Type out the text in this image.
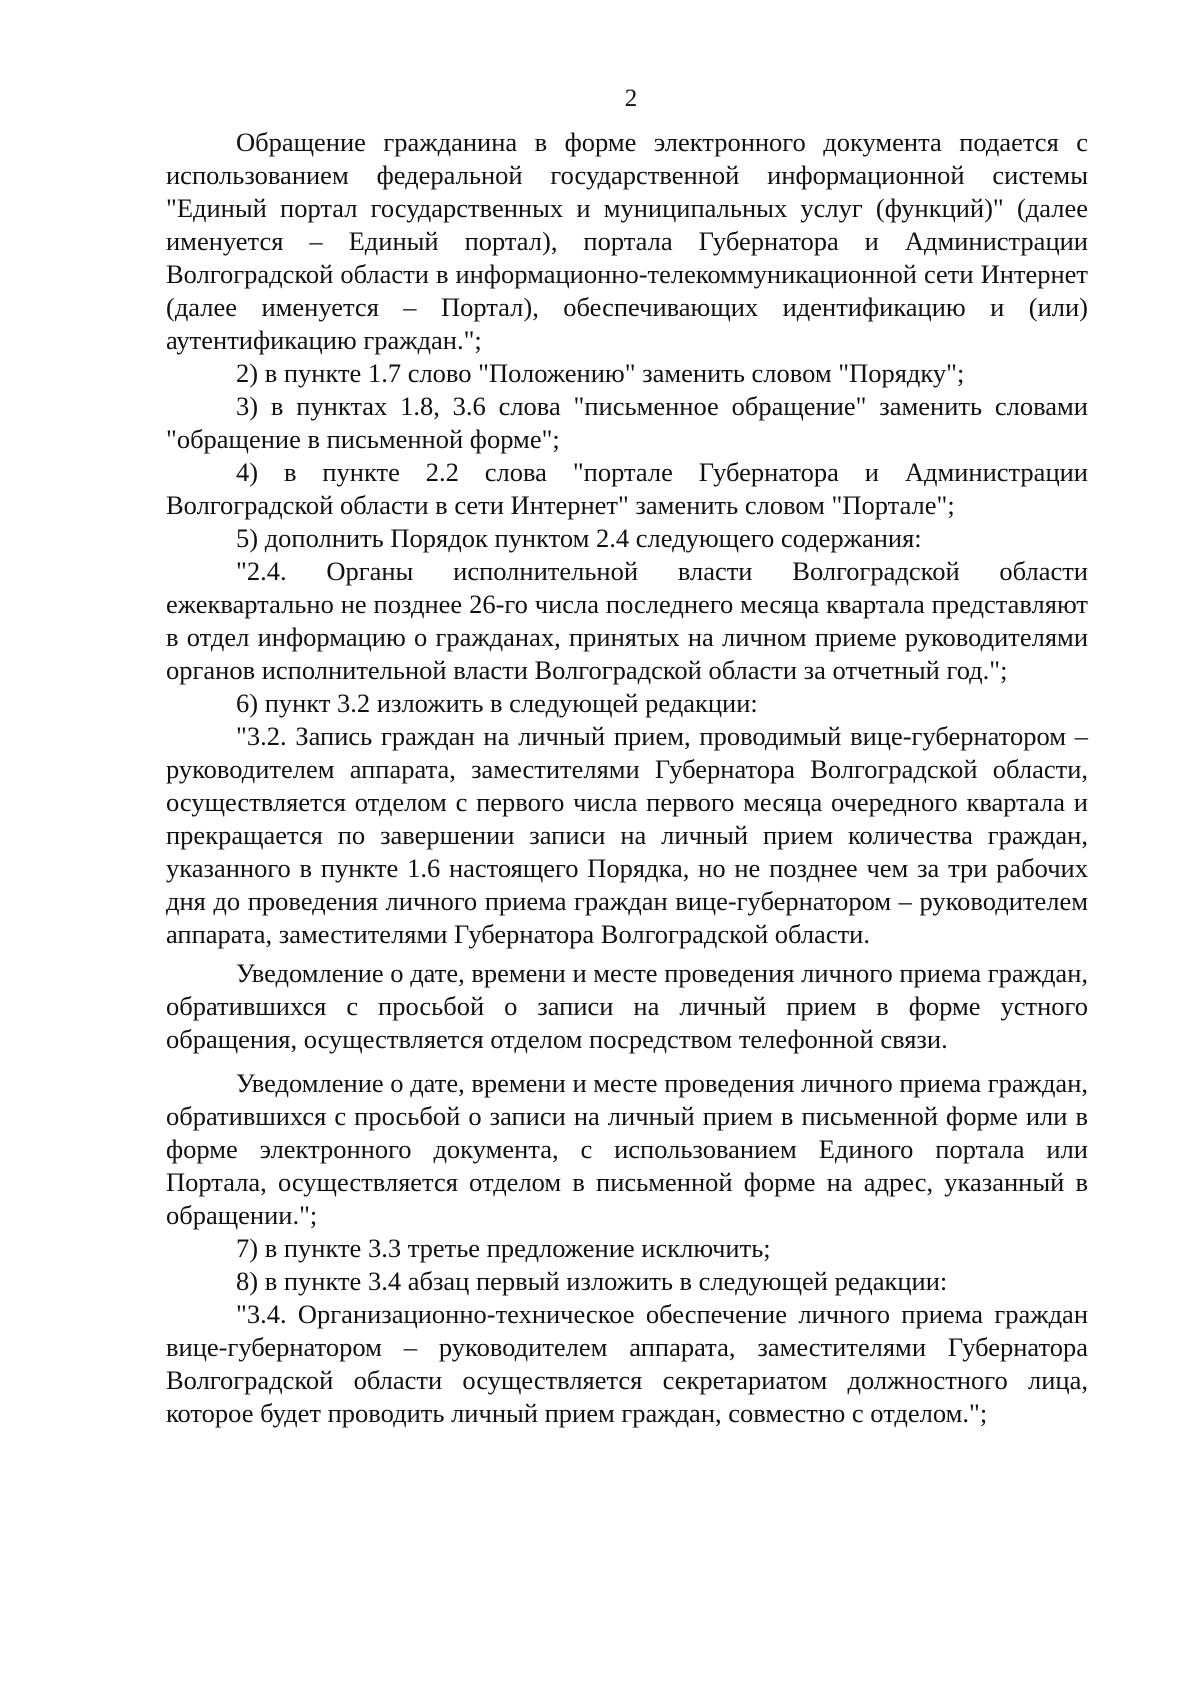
2

Обращение гражданина в форме электронного документа подается с использованием федеральной государственной информационной системы "Единый портал государственных и муниципальных услуг (функций)" (далее именуется – Единый портал), портала Губернатора и Администрации Волгоградской области в информационно-телекоммуникационной сети Интернет (далее именуется – Портал), обеспечивающих идентификацию и (или) аутентификацию граждан.";

2) в пункте 1.7 слово "Положению" заменить словом "Порядку";

3) в пунктах 1.8, 3.6 слова "письменное обращение" заменить словами "обращение в письменной форме";

4) в пункте 2.2 слова "портале Губернатора и Администрации Волгоградской области в сети Интернет" заменить словом "Портале";

5) дополнить Порядок пунктом 2.4 следующего содержания:

"2.4. Органы исполнительной власти Волгоградской области ежеквартально не позднее 26-го числа последнего месяца квартала представляют в отдел информацию о гражданах, принятых на личном приеме руководителями органов исполнительной власти Волгоградской области за отчетный год.";

6) пункт 3.2 изложить в следующей редакции:

"3.2. Запись граждан на личный прием, проводимый вице-губернатором – руководителем аппарата, заместителями Губернатора Волгоградской области, осуществляется отделом с первого числа первого месяца очередного квартала и прекращается по завершении записи на личный прием количества граждан, указанного в пункте 1.6 настоящего Порядка, но не позднее чем за три рабочих дня до проведения личного приема граждан вице-губернатором – руководителем аппарата, заместителями Губернатора Волгоградской области.

Уведомление о дате, времени и месте проведения личного приема граждан, обратившихся с просьбой о записи на личный прием в форме устного обращения, осуществляется отделом посредством телефонной связи.

Уведомление о дате, времени и месте проведения личного приема граждан, обратившихся с просьбой о записи на личный прием в письменной форме или в форме электронного документа, с использованием Единого портала или Портала, осуществляется отделом в письменной форме на адрес, указанный в обращении.";

7) в пункте 3.3 третье предложение исключить;

8) в пункте 3.4 абзац первый изложить в следующей редакции:

"3.4. Организационно-техническое обеспечение личного приема граждан вице-губернатором – руководителем аппарата, заместителями Губернатора Волгоградской области осуществляется секретариатом должностного лица, которое будет проводить личный прием граждан, совместно с отделом.";
